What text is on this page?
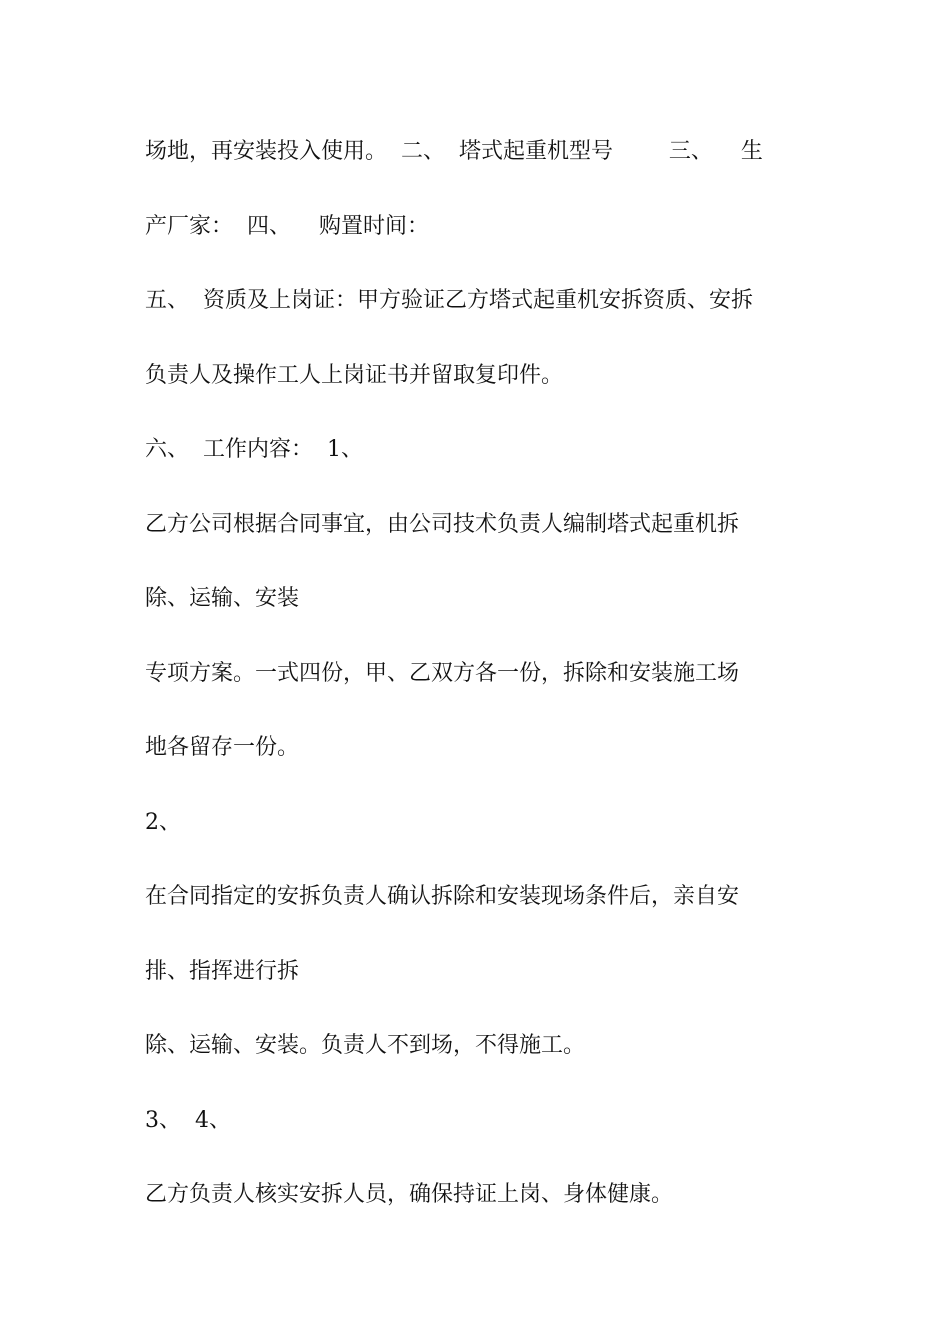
场地，再安装投入使用。  二、  塔式起重机型号        三、    生
产厂家：  四、    购置时间：
五、  资质及上岗证：甲方验证乙方塔式起重机安拆资质、安拆
负责人及操作工人上岗证书并留取复印件。
六、  工作内容：  1、
乙方公司根据合同事宜，由公司技术负责人编制塔式起重机拆
除、运输、安装
专项方案。一式四份，甲、乙双方各一份，拆除和安装施工场
地各留存一份。
2、
在合同指定的安拆负责人确认拆除和安装现场条件后，亲自安
排、指挥进行拆
除、运输、安装。负责人不到场，不得施工。
3、  4、
乙方负责人核实安拆人员，确保持证上岗、身体健康。
